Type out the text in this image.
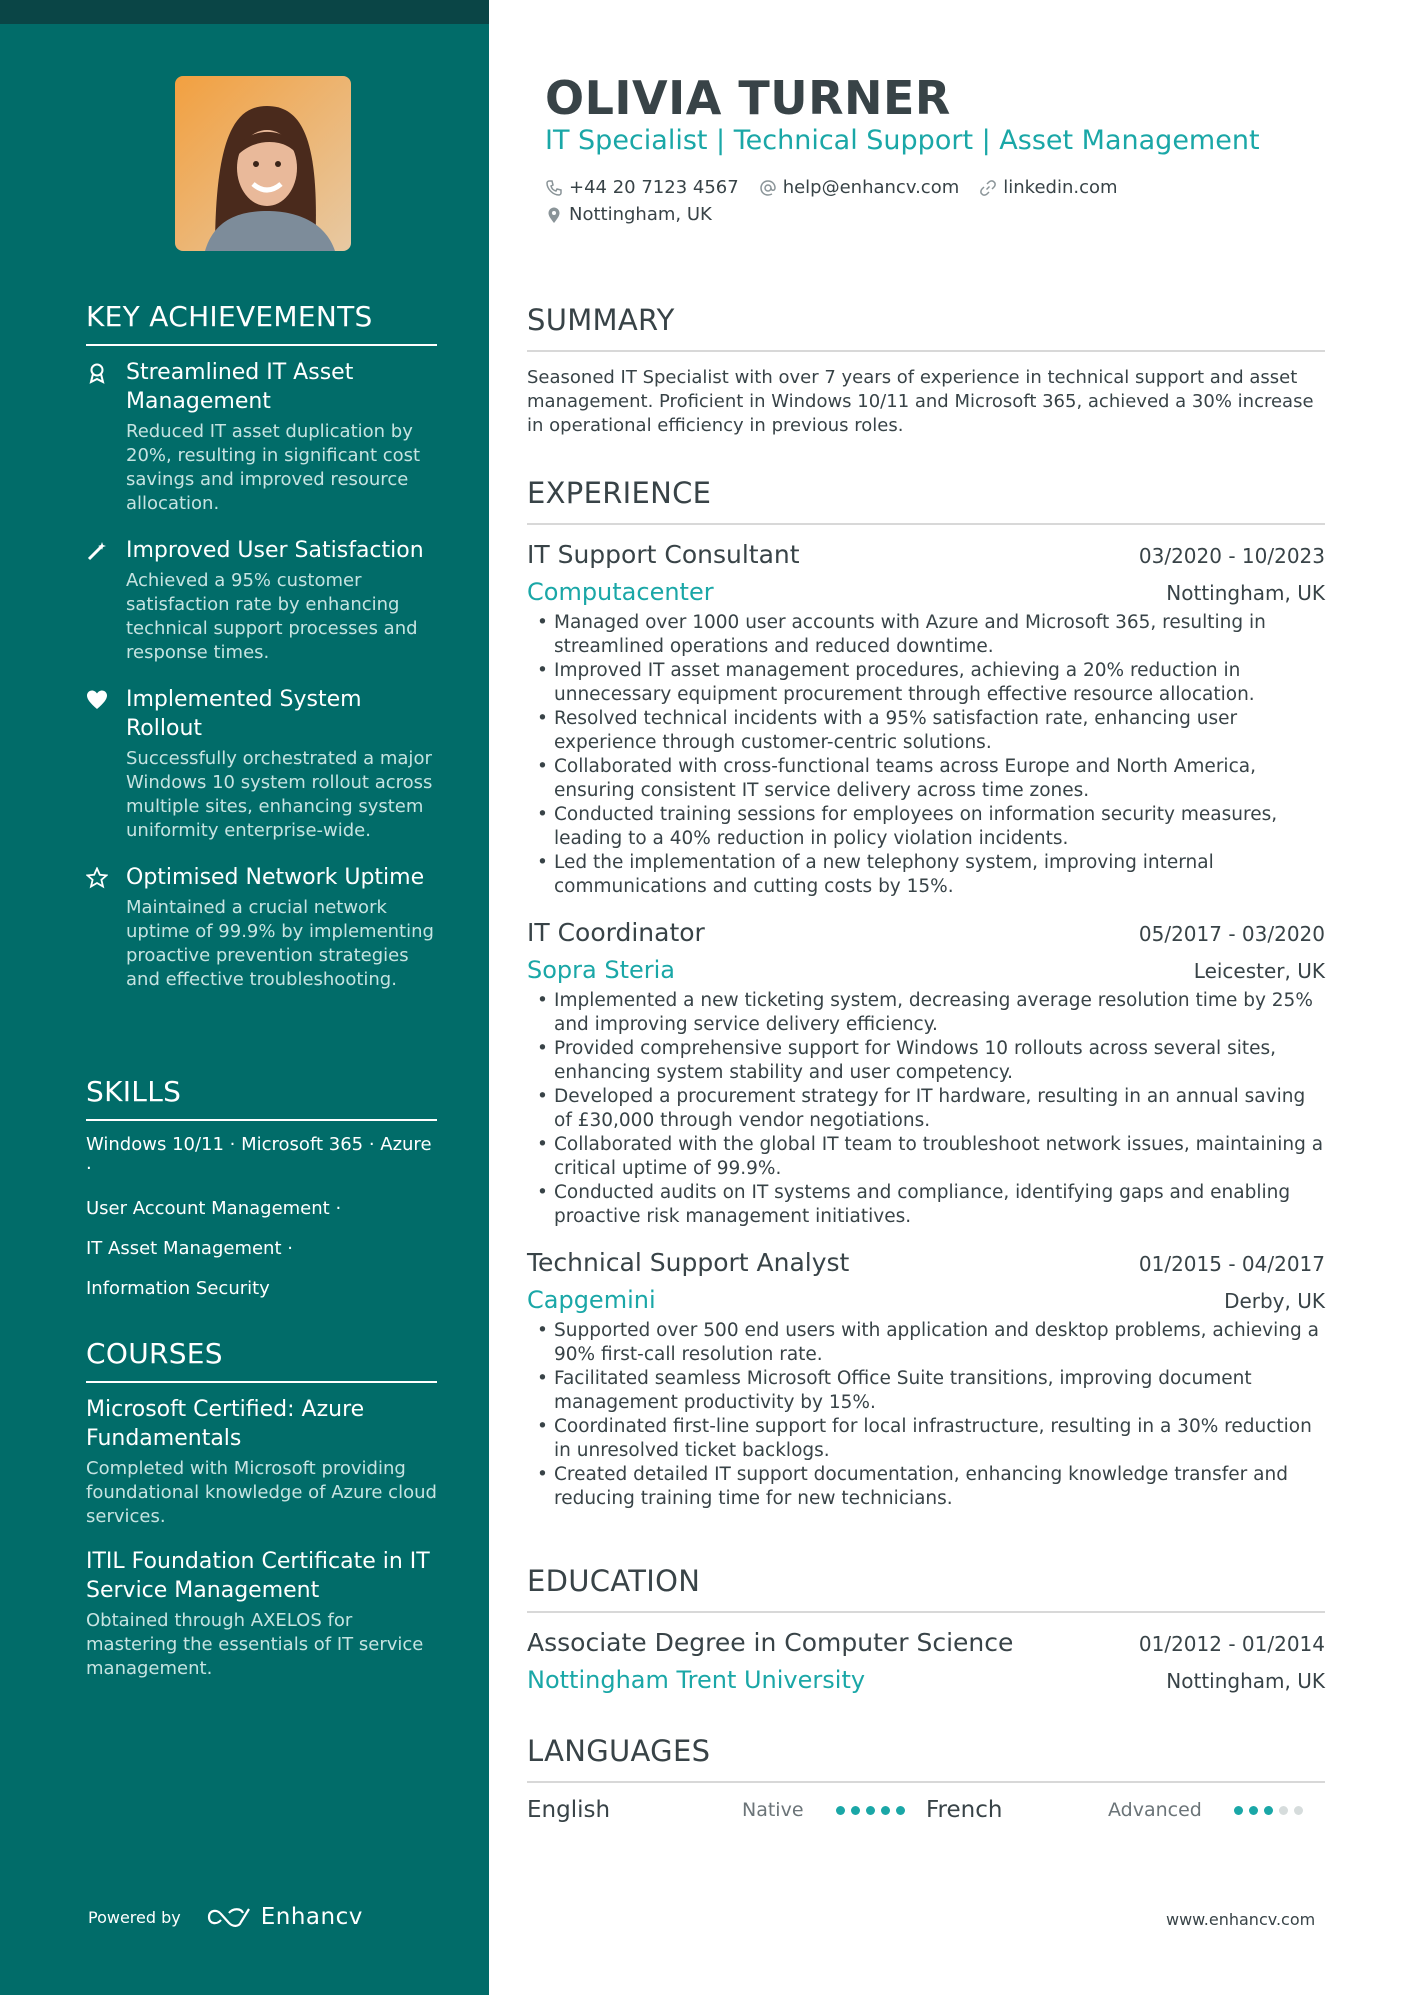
KEY ACHIEVEMENTS
Streamlined IT Asset Management
Reduced IT asset duplication by 20%, resulting in significant cost savings and improved resource allocation.
Improved User Satisfaction
Achieved a 95% customer satisfaction rate by enhancing technical support processes and response times.
Implemented System Rollout
Successfully orchestrated a major Windows 10 system rollout across multiple sites, enhancing system uniformity enterprise-wide.
Optimised Network Uptime
Maintained a crucial network uptime of 99.9% by implementing proactive prevention strategies and effective troubleshooting.
SKILLS
Windows 10/11 · Microsoft 365 · Azure ·
User Account Management ·
IT Asset Management ·
Information Security
COURSES
Microsoft Certified: Azure Fundamentals
Completed with Microsoft providing foundational knowledge of Azure cloud services.
ITIL Foundation Certificate in IT Service Management
Obtained through AXELOS for mastering the essentials of IT service management.
Powered by	Enhancv
OLIVIA TURNER
IT Specialist | Technical Support | Asset Management
+44 20 7123 4567 help@enhancv.com linkedin.com
Nottingham, UK
SUMMARY
Seasoned IT Specialist with over 7 years of experience in technical support and asset management. Proficient in Windows 10/11 and Microsoft 365, achieved a 30% increase in operational efficiency in previous roles.
EXPERIENCE
IT Support Consultant	03/2020 - 10/2023
Computacenter	Nottingham, UK
• Managed over 1000 user accounts with Azure and Microsoft 365, resulting in streamlined operations and reduced downtime.
• Improved IT asset management procedures, achieving a 20% reduction in unnecessary equipment procurement through effective resource allocation.
• Resolved technical incidents with a 95% satisfaction rate, enhancing user experience through customer-centric solutions.
• Collaborated with cross-functional teams across Europe and North America, ensuring consistent IT service delivery across time zones.
• Conducted training sessions for employees on information security measures, leading to a 40% reduction in policy violation incidents.
• Led the implementation of a new telephony system, improving internal communications and cutting costs by 15%.
IT Coordinator	05/2017 - 03/2020
Sopra Steria	Leicester, UK
• Implemented a new ticketing system, decreasing average resolution time by 25% and improving service delivery efficiency.
• Provided comprehensive support for Windows 10 rollouts across several sites, enhancing system stability and user competency.
• Developed a procurement strategy for IT hardware, resulting in an annual saving of £30,000 through vendor negotiations.
• Collaborated with the global IT team to troubleshoot network issues, maintaining a critical uptime of 99.9%.
• Conducted audits on IT systems and compliance, identifying gaps and enabling proactive risk management initiatives.
Technical Support Analyst	01/2015 - 04/2017
Capgemini	Derby, UK
• Supported over 500 end users with application and desktop problems, achieving a 90% first-call resolution rate.
• Facilitated seamless Microsoft Office Suite transitions, improving document management productivity by 15%.
• Coordinated first-line support for local infrastructure, resulting in a 30% reduction in unresolved ticket backlogs.
• Created detailed IT support documentation, enhancing knowledge transfer and reducing training time for new technicians.
EDUCATION
Associate Degree in Computer Science	01/2012 - 01/2014
Nottingham Trent University	Nottingham, UK
LANGUAGES
English	Native	French	Advanced
www.enhancv.com
